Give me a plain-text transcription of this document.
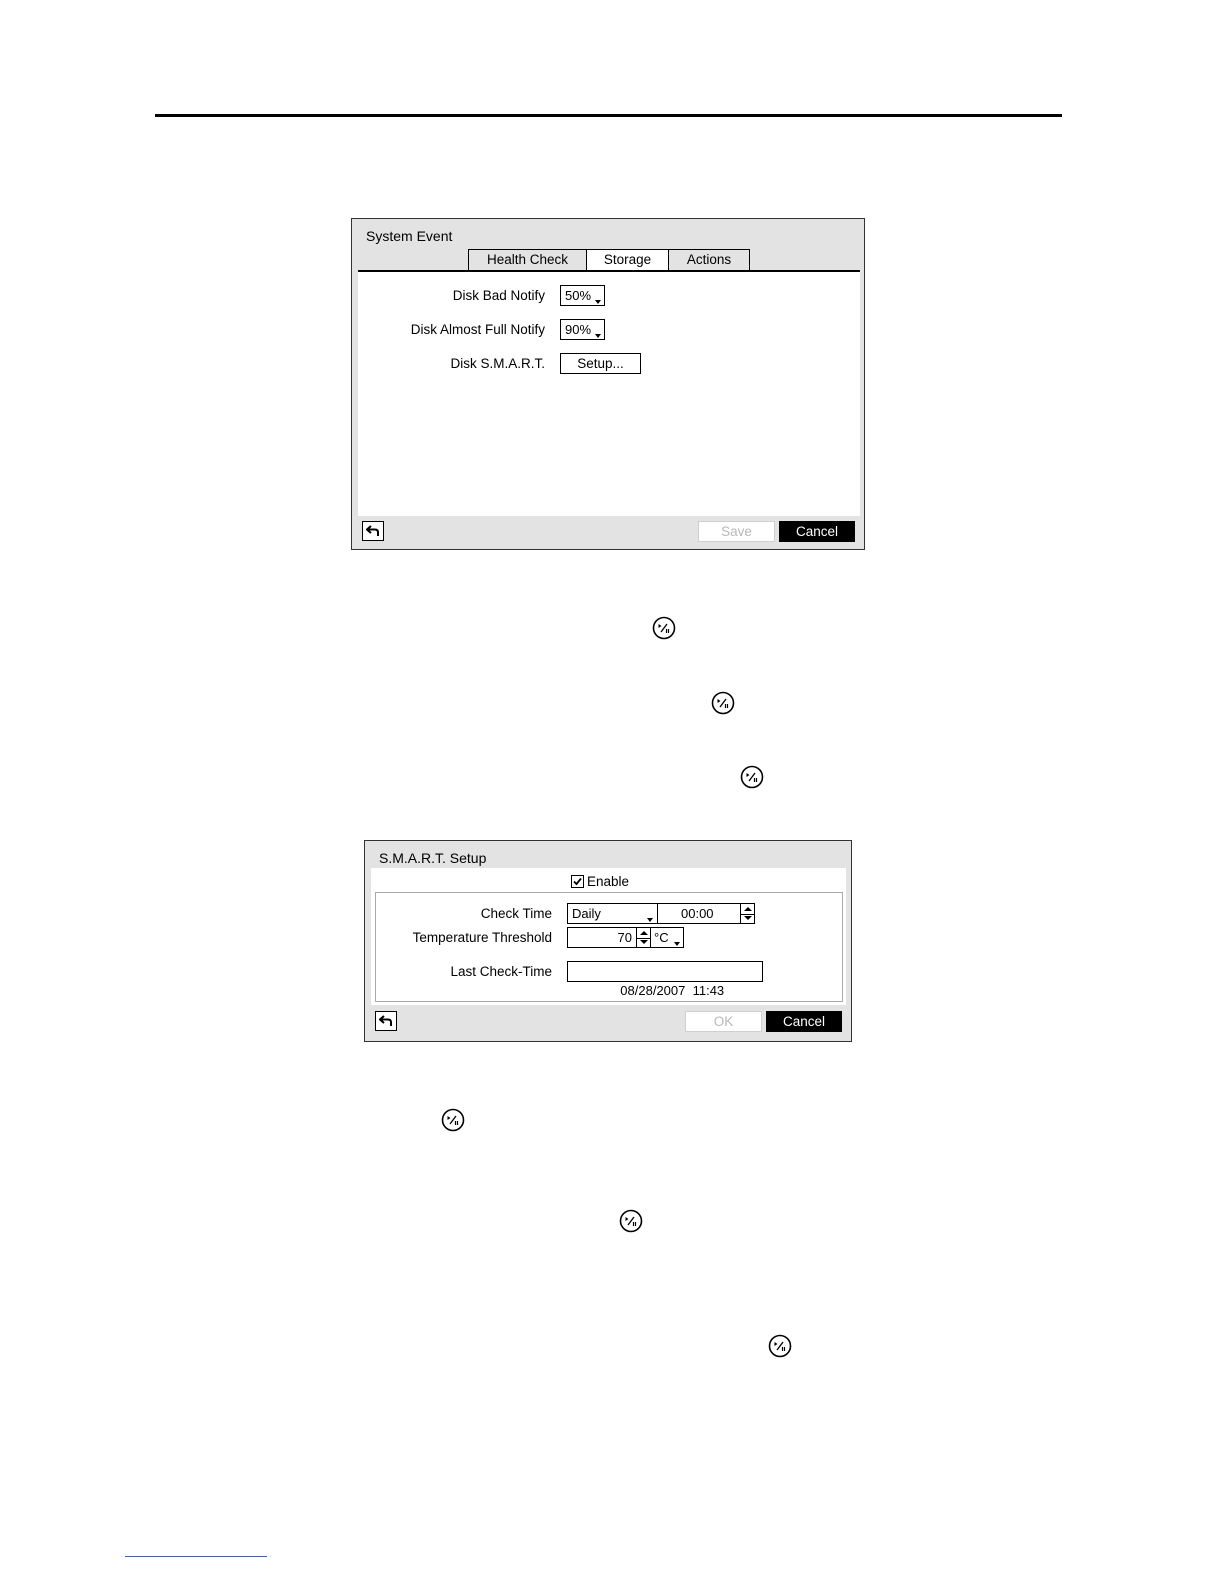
System Event
Health Check	Storage	Actions
Disk Bad Notify 50%
Disk Almost Full Notify 90%
Disk S.M.A.R.T.	Setup...
Save	Cancel
S.M.A.R.T. Setup
Enable
Check Time Daily	00:00
Temperature Threshold	70 °C
Last Check-Time

08/28/2007  11:43

OK	Cancel
